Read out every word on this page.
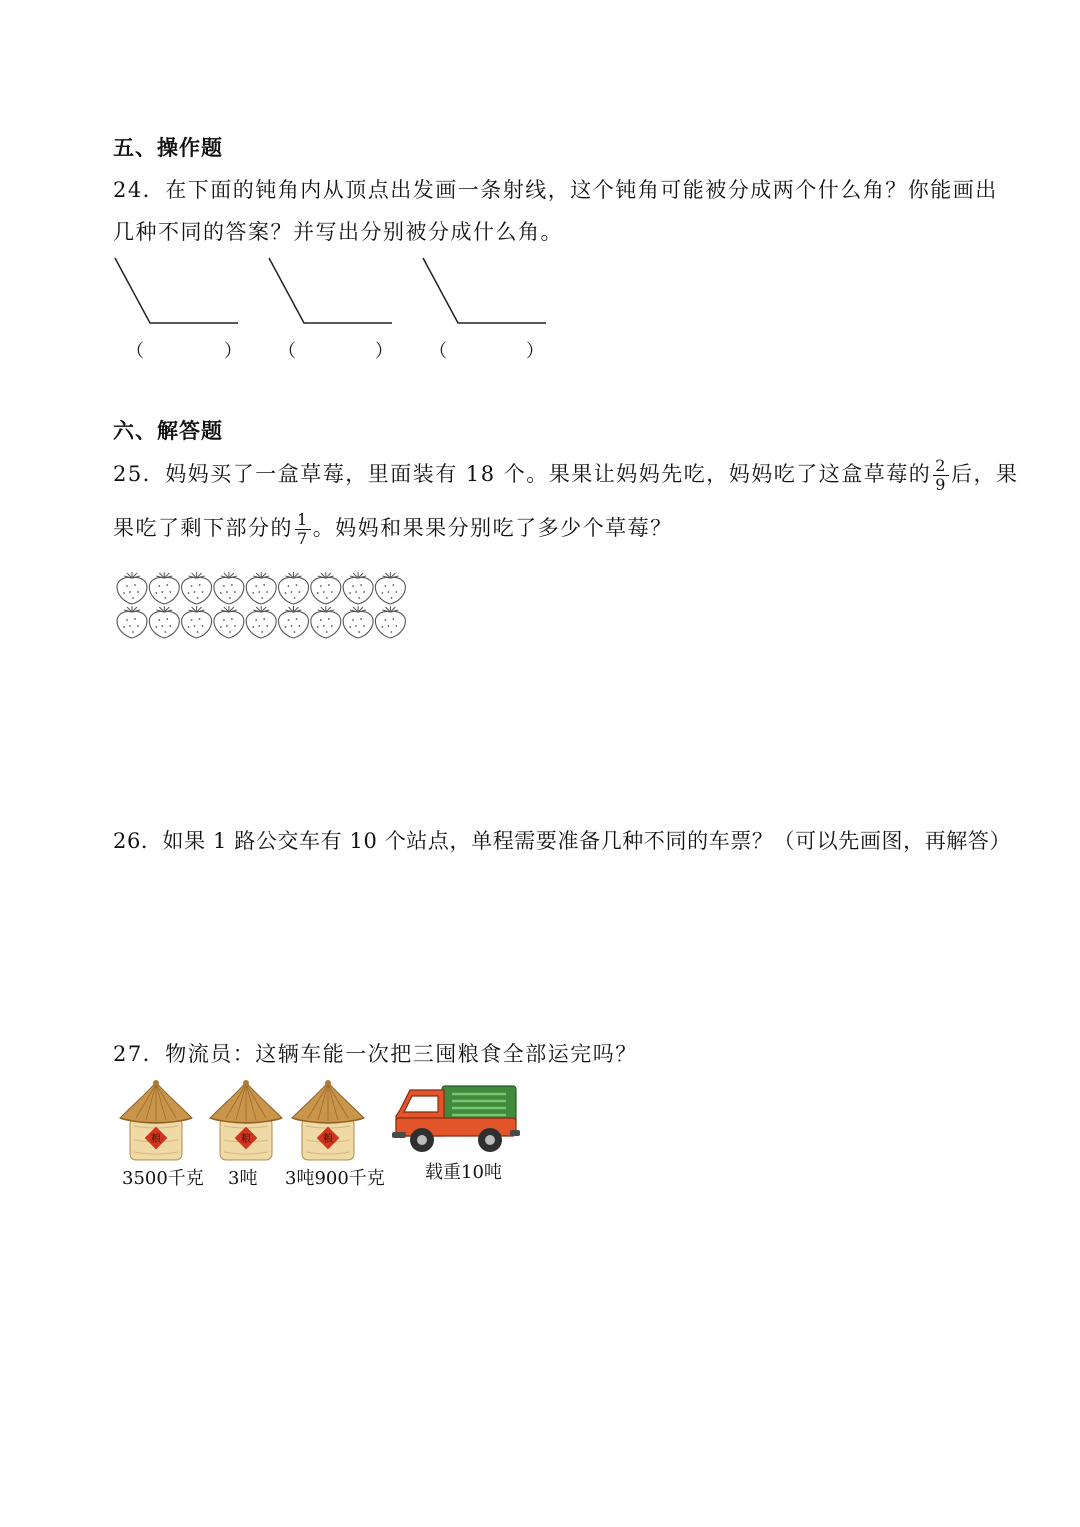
五、操作题
24．在下面的钝角内从顶点出发画一条射线，这个钝角可能被分成两个什么角？你能画出
几种不同的答案？并写出分别被分成什么角。
（	） （	） （	）
六、解答题
25．妈妈买了一盒草莓，里面装有 18 个。果果让妈妈先吃，妈妈吃了这盒草莓的 $\frac{2}{9}$ 后，果
果吃了剩下部分的 $\frac{1}{7}$ 。妈妈和果果分别吃了多少个草莓？
26．如果 1 路公交车有 10 个站点，单程需要准备几种不同的车票？（可以先画图，再解答）
27．物流员：这辆车能一次把三囤粮食全部运完吗？
3500千克 3吨 3吨900千克 载重10吨
